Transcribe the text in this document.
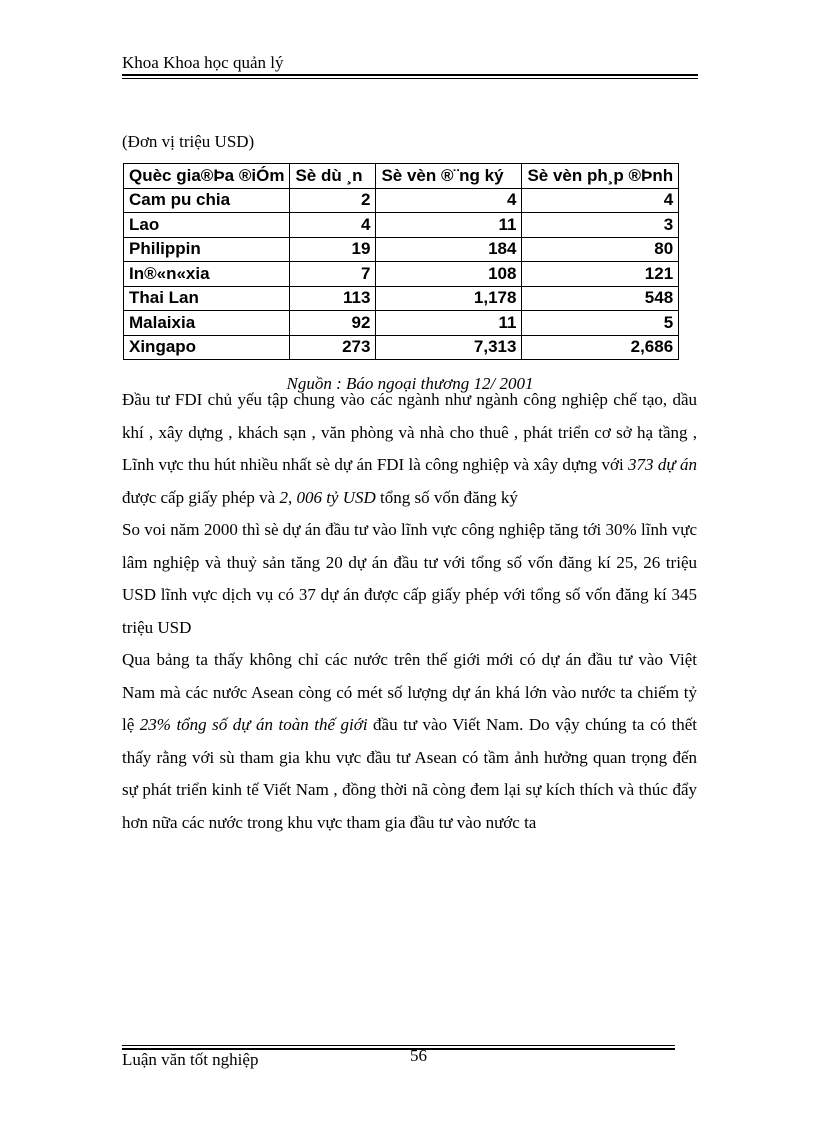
Khoa Khoa học quản lý
(Đơn vị triệu USD)
Quèc gia®Þa ®iÓm	Sè dù ¸n	Sè vèn ®¨ng ký	Sè vèn ph¸p ®Þnh
Cam pu chia	2	4	4
Lao	4	11	3
Philippin	19	184	80
In®«n«xia	7	108	121
Thai Lan	113	1,178	548
Malaixia	92	11	5
Xingapo	273	7,313	2,686
Nguồn : Báo ngoại thương 12/ 2001

Đầu tư FDI chủ yếu tập chung vào các ngành như ngành công nghiệp chế tạo, dầu khí , xây dựng , khách sạn , văn phòng và nhà cho thuê , phát triển cơ sở hạ tầng , Lĩnh vực thu hút nhiều nhất sè dự án FDI là công nghiệp và xây dựng với 373 dự án được cấp giấy phép và 2, 006 tỷ USD tổng số vốn đăng ký

So voi năm 2000 thì sè dự án đầu tư vào lĩnh vực công nghiệp tăng tới 30% lĩnh vực lâm nghiệp và thuỷ sản tăng 20 dự án đầu tư với tổng số vốn đăng kí 25, 26 triệu USD lĩnh vực dịch vụ có 37 dự án được cấp giấy phép với tổng số vốn đăng kí 345 triệu USD

Qua bảng ta thấy không chỉ các nước trên thế giới mới có dự án đầu tư vào Việt Nam mà các nước Asean còng có mét số lượng dự án khá lớn vào nước ta chiếm tỷ lệ 23% tổng số dự án toàn thế giới đầu tư vào Viết Nam. Do vậy chúng ta có thết thấy rằng với sù tham gia khu vực đầu tư Asean có tầm ảnh hưởng quan trọng đến sự phát triển kinh tế Viết Nam , đồng thời nã còng đem lại sự kích thích và thúc đẩy hơn nữa các nước trong khu vực tham gia đầu tư vào nước ta

Luận văn tốt nghiệp	56
